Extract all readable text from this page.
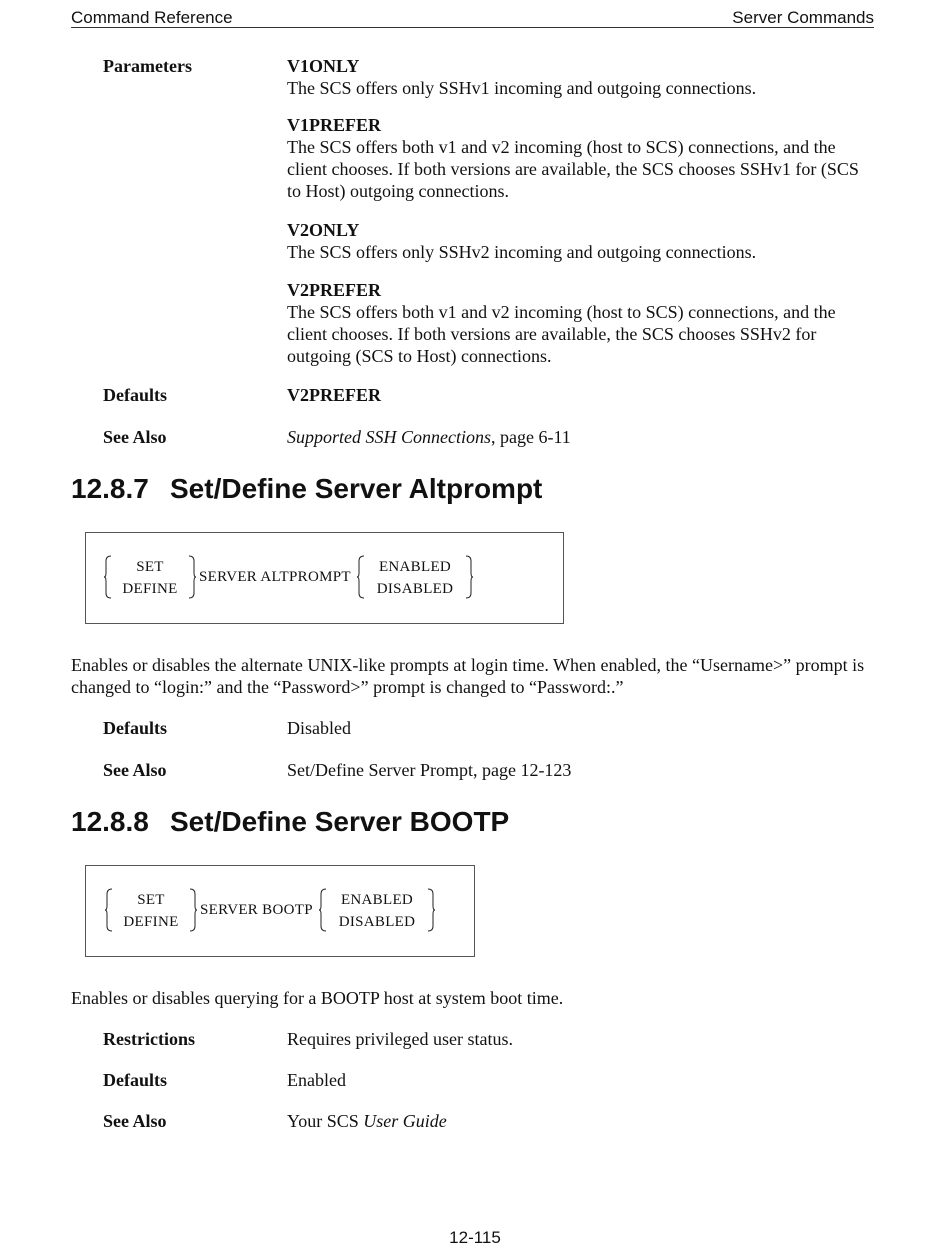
Command Reference	Server Commands
Parameters	V1ONLY
The SCS offers only SSHv1 incoming and outgoing connections.
V1PREFER
The SCS offers both v1 and v2 incoming (host to SCS) connections, and the client chooses. If both versions are available, the SCS chooses SSHv1 for (SCS to Host) outgoing connections.
V2ONLY
The SCS offers only SSHv2 incoming and outgoing connections.
V2PREFER
The SCS offers both v1 and v2 incoming (host to SCS) connections, and the client chooses. If both versions are available, the SCS chooses SSHv2 for outgoing (SCS to Host) connections.
Defaults	V2PREFER
See Also	Supported SSH Connections, page 6-11
12.8.7 Set/Define Server Altprompt
SET
DEFINE
SERVER ALTPROMPT
ENABLED
DISABLED
Enables or disables the alternate UNIX-like prompts at login time. When enabled, the “Username>” prompt is changed to “login:” and the “Password>” prompt is changed to “Password:.”
Defaults	Disabled
See Also	Set/Define Server Prompt, page 12-123
12.8.8 Set/Define Server BOOTP
SET
DEFINE
SERVER BOOTP
ENABLED
DISABLED
Enables or disables querying for a BOOTP host at system boot time.
Restrictions	Requires privileged user status.
Defaults	Enabled
See Also	Your SCS User Guide
12-115
